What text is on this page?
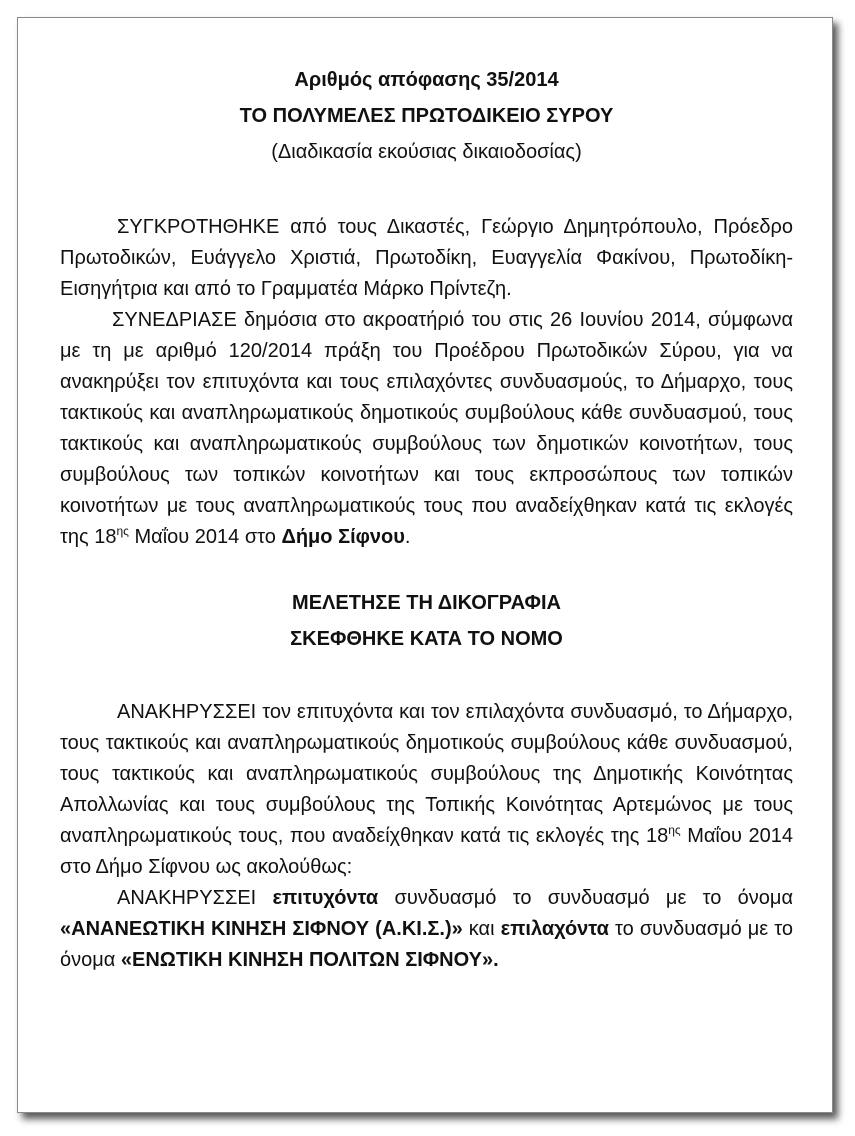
Αριθμός απόφασης 35/2014
ΤΟ ΠΟΛΥΜΕΛΕΣ ΠΡΩΤΟΔΙΚΕΙΟ ΣΥΡΟΥ
(Διαδικασία εκούσιας δικαιοδοσίας)

ΣΥΓΚΡΟΤΗΘΗΚΕ από τους Δικαστές, Γεώργιο Δημητρόπουλο, Πρόεδρο Πρωτοδικών, Ευάγγελο Χριστιά, Πρωτοδίκη, Ευαγγελία Φακίνου, Πρωτοδίκη-Εισηγήτρια και από το Γραμματέα Μάρκο Πρίντεζη.

ΣΥΝΕΔΡΙΑΣΕ δημόσια στο ακροατήριό του στις 26 Ιουνίου 2014, σύμφωνα με τη με αριθμό 120/2014 πράξη του Προέδρου Πρωτοδικών Σύρου, για να ανακηρύξει τον επιτυχόντα και τους επιλαχόντες συνδυασμούς, το Δήμαρχο, τους τακτικούς και αναπληρωματικούς δημοτικούς συμβούλους κάθε συνδυασμού, τους τακτικούς και αναπληρωματικούς συμβούλους των δημοτικών κοινοτήτων, τους συμβούλους των τοπικών κοινοτήτων και τους εκπροσώπους των τοπικών κοινοτήτων με τους αναπληρωματικούς τους που αναδείχθηκαν κατά τις εκλογές της $18^{\eta\varsigma}$ Μαΐου 2014 στο Δήμο Σίφνου.

ΜΕΛΕΤΗΣΕ ΤΗ ΔΙΚΟΓΡΑΦΙΑ
ΣΚΕΦΘΗΚΕ ΚΑΤΑ ΤΟ ΝΟΜΟ

ΑΝΑΚΗΡΥΣΣΕΙ τον επιτυχόντα και τον επιλαχόντα συνδυασμό, το Δήμαρχο, τους τακτικούς και αναπληρωματικούς δημοτικούς συμβούλους κάθε συνδυασμού, τους τακτικούς και αναπληρωματικούς συμβούλους της Δημοτικής Κοινότητας Απολλωνίας και τους συμβούλους της Τοπικής Κοινότητας Αρτεμώνος με τους αναπληρωματικούς τους, που αναδείχθηκαν κατά τις εκλογές της $18^{\eta\varsigma}$ Μαΐου 2014 στο Δήμο Σίφνου ως ακολούθως:

ΑΝΑΚΗΡΥΣΣΕΙ επιτυχόντα συνδυασμό το συνδυασμό με το όνομα «ΑΝΑΝΕΩΤΙΚΗ ΚΙΝΗΣΗ ΣΙΦΝΟΥ (Α.ΚΙ.Σ.)» και επιλαχόντα το συνδυασμό με το όνομα «ΕΝΩΤΙΚΗ ΚΙΝΗΣΗ ΠΟΛΙΤΩΝ ΣΙΦΝΟΥ».
